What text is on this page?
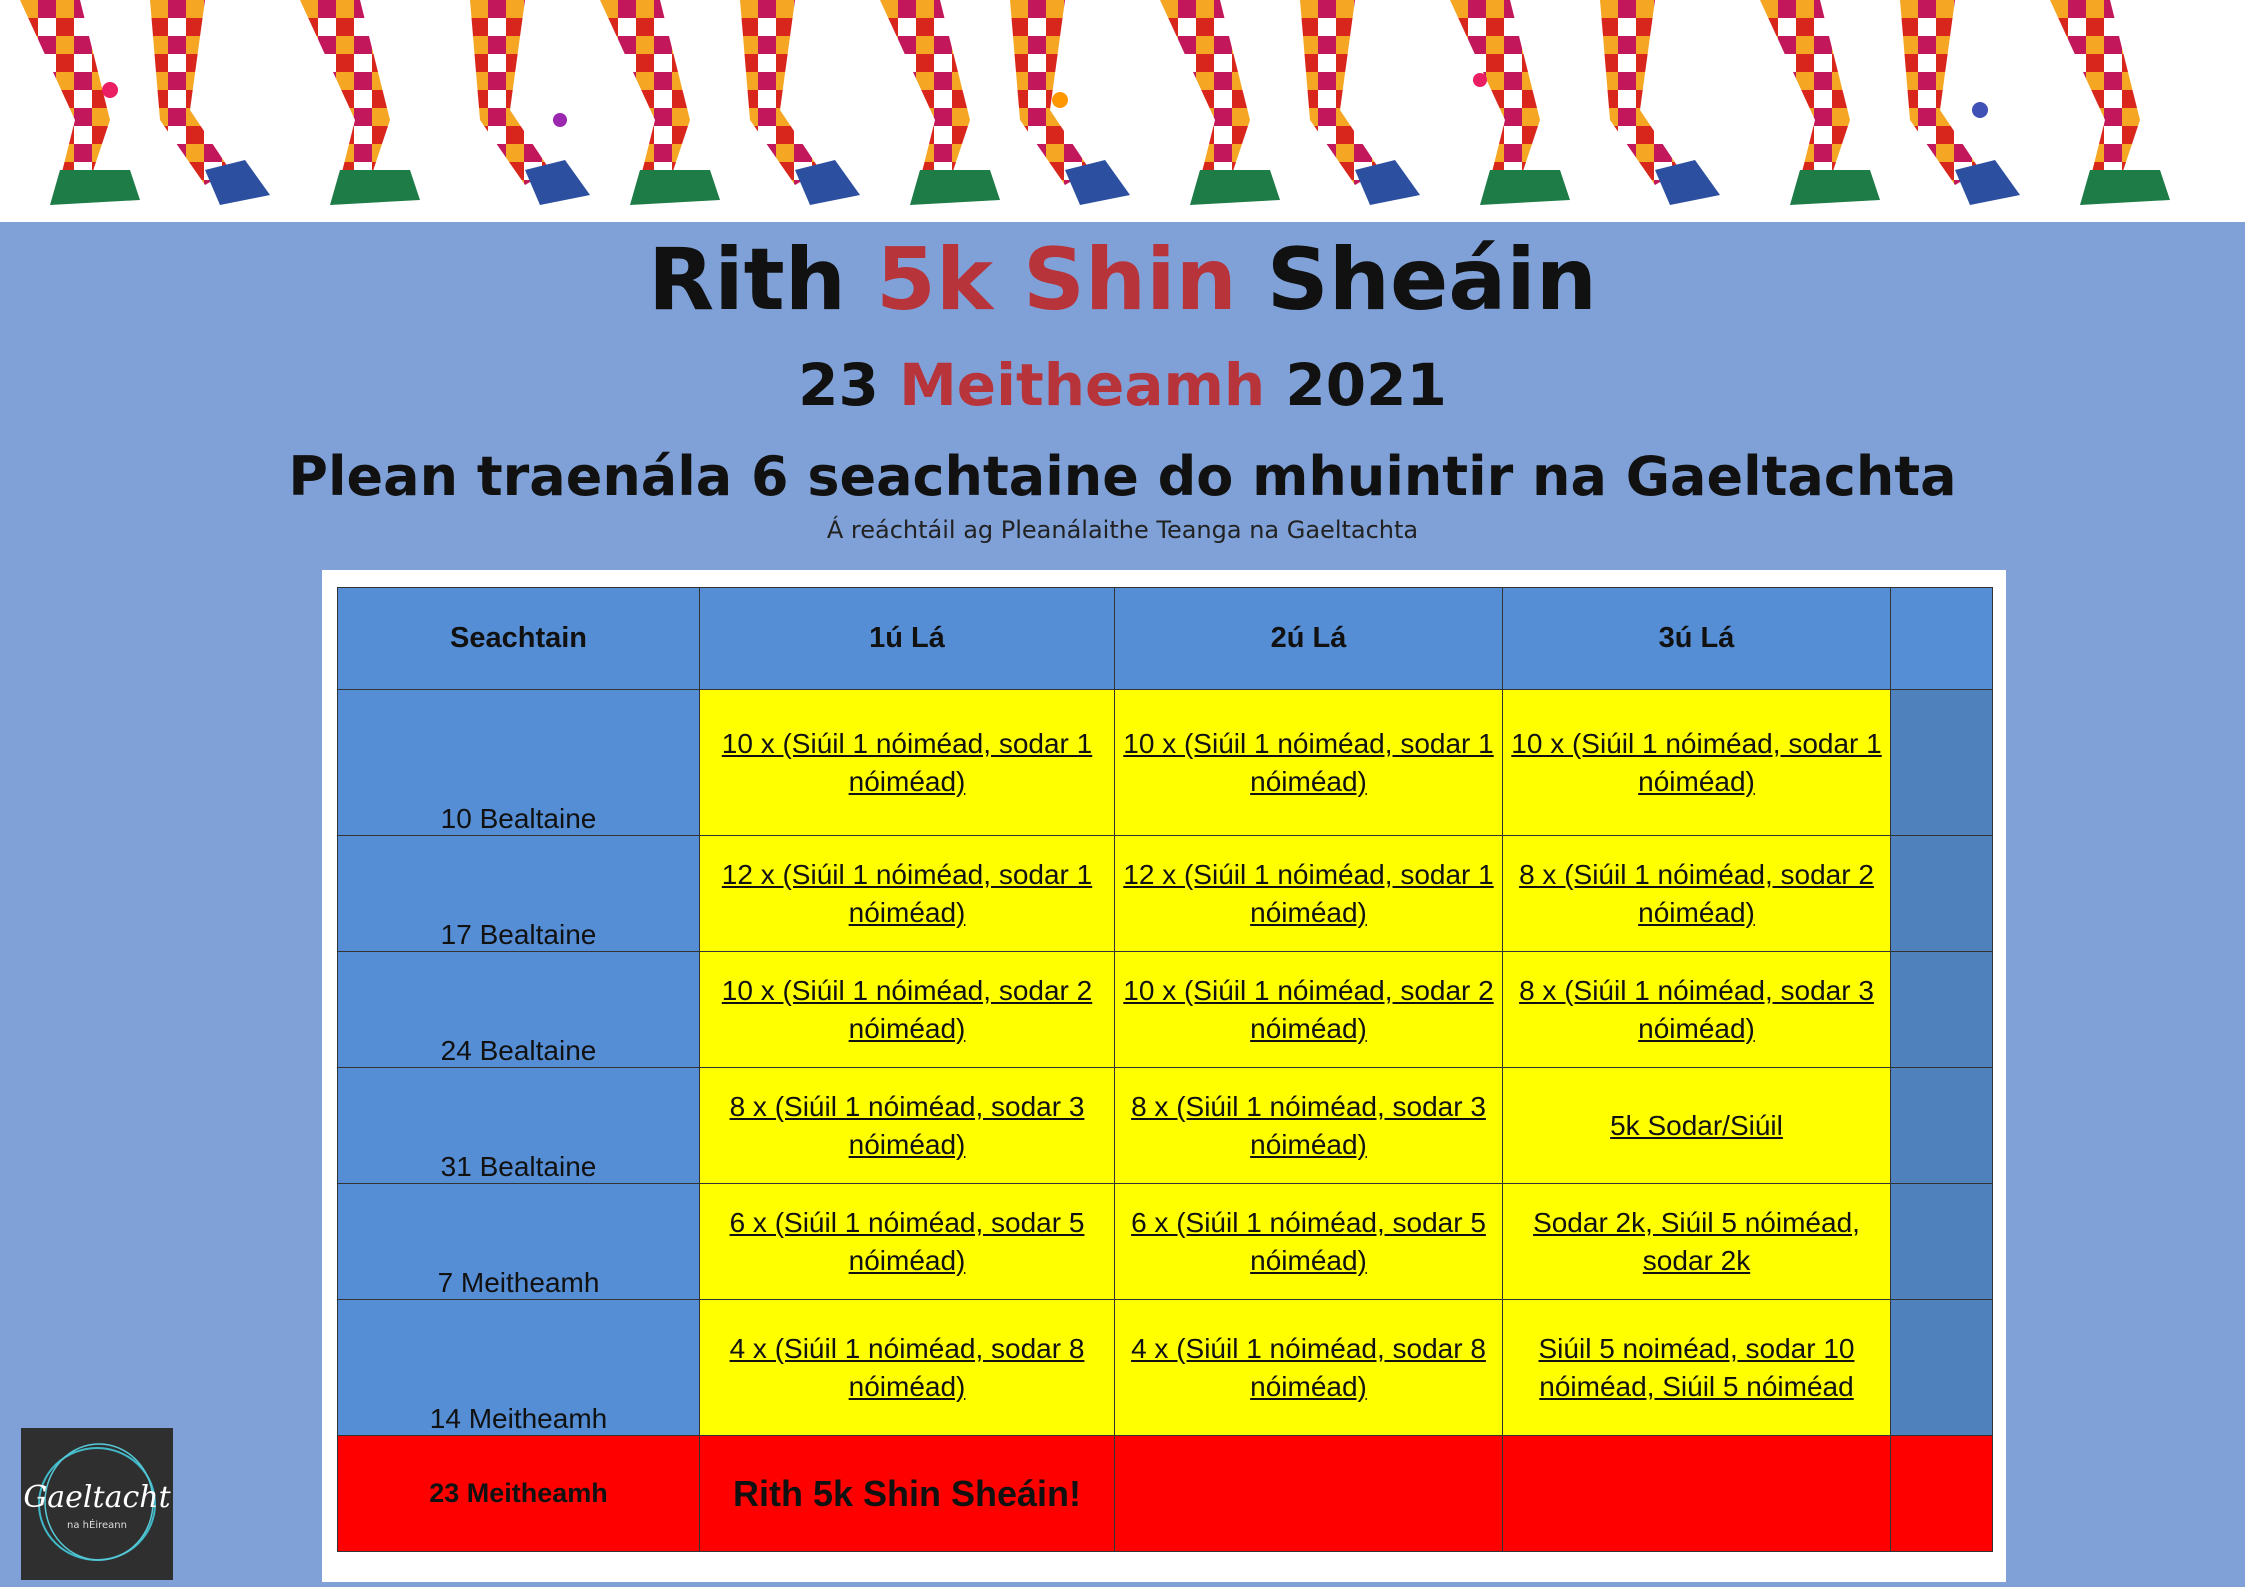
Rith 5k Shin Sheáin
23 Meitheamh 2021
Plean traenála 6 seachtaine do mhuintir na Gaeltachta
Á reáchtáil ag Pleanálaithe Teanga na Gaeltachta
Seachtain	1ú Lá	2ú Lá	3ú Lá	
10 Bealtaine	10 x (Siúil 1 nóiméad, sodar 1 nóiméad)	10 x (Siúil 1 nóiméad, sodar 1 nóiméad)	10 x (Siúil 1 nóiméad, sodar 1 nóiméad)	
17 Bealtaine	12 x (Siúil 1 nóiméad, sodar 1 nóiméad)	12 x (Siúil 1 nóiméad, sodar 1 nóiméad)	8 x (Siúil 1 nóiméad, sodar 2 nóiméad)	
24 Bealtaine	10 x (Siúil 1 nóiméad, sodar 2 nóiméad)	10 x (Siúil 1 nóiméad, sodar 2 nóiméad)	8 x (Siúil 1 nóiméad, sodar 3 nóiméad)	
31 Bealtaine	8 x (Siúil 1 nóiméad, sodar 3 nóiméad)	8 x (Siúil 1 nóiméad, sodar 3 nóiméad)	5k Sodar/Siúil	
7 Meitheamh	6 x (Siúil 1 nóiméad, sodar 5 nóiméad)	6 x (Siúil 1 nóiméad, sodar 5 nóiméad)	Sodar 2k, Siúil 5 nóiméad, sodar 2k	
14 Meitheamh	4 x (Siúil 1 nóiméad, sodar 8 nóiméad)	4 x (Siúil 1 nóiméad, sodar 8 nóiméad)	Siúil 5 noiméad, sodar 10 nóiméad, Siúil 5 nóiméad	
23 Meitheamh	Rith 5k Shin Sheáin!			
Gaeltacht
na hÉireann
